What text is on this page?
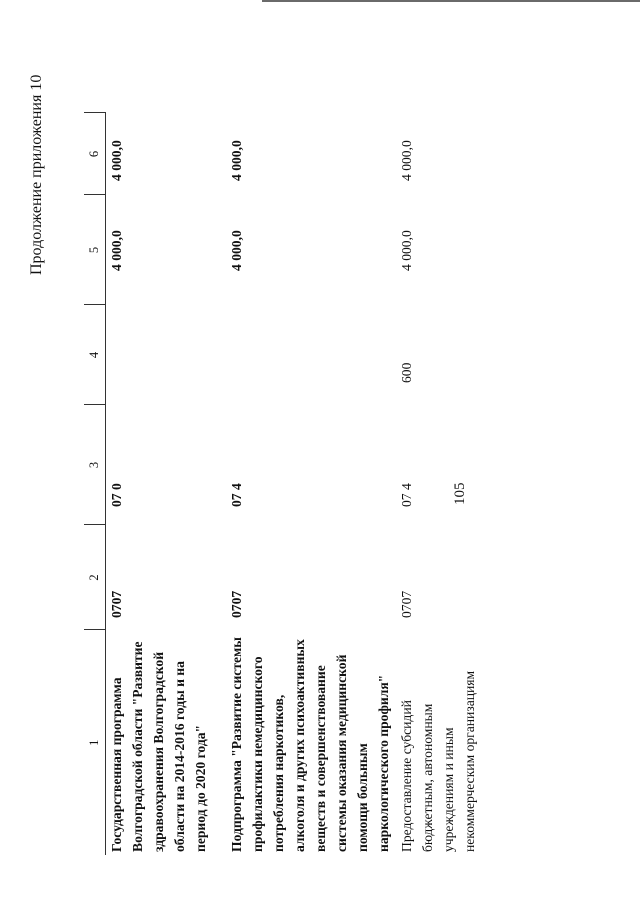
105
Продолжение приложения 10
1	2	3	4	5	6
Государственная программа Волгоградской области "Развитие здравоохранения Волгоградской области на 2014-2016 годы и на период до 2020 года"	0707	07 0		4 000,0	4 000,0
Подпрограмма "Развитие системы профилактики немедицинского потребления наркотиков, алкоголя и других психоактивных веществ и совершенствование системы оказания медицинской помощи больным наркологического профиля"	0707	07 4		4 000,0	4 000,0
Предоставление субсидий бюджетным, автономным учреждениям и иным некоммерческим организациям	0707	07 4	600	4 000,0	4 000,0
